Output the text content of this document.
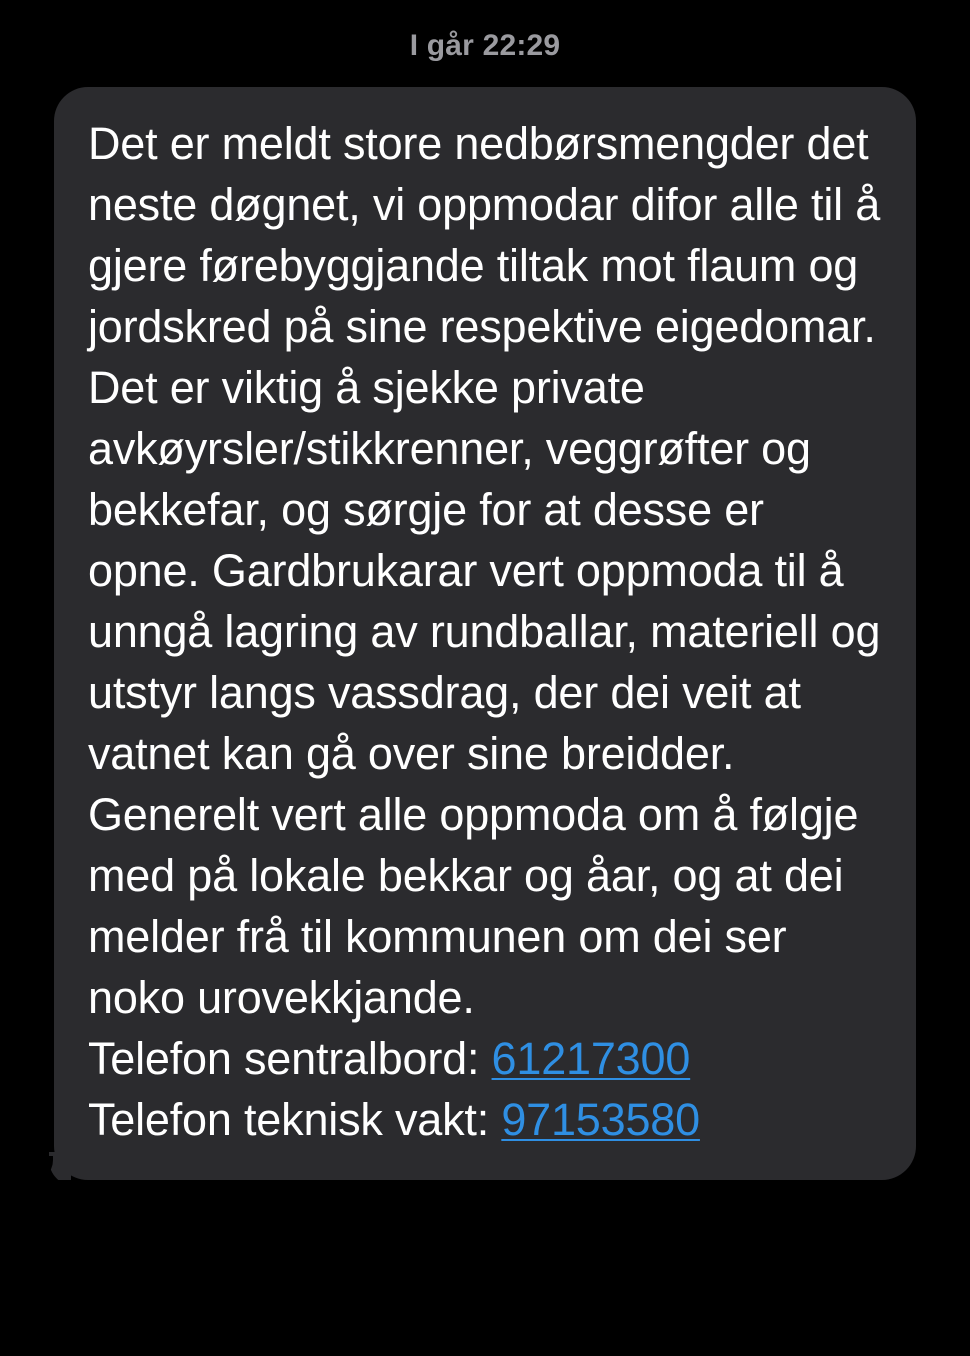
I går 22:29
Det er meldt store nedbørsmengder det neste døgnet, vi oppmodar difor alle til å gjere førebyggjande tiltak mot flaum og jordskred på sine respektive eigedomar. Det er viktig å sjekke private avkøyrsler/stikkrenner, veggrøfter og bekkefar, og sørgje for at desse er opne. Gardbrukarar vert oppmoda til å unngå lagring av rundballar, materiell og utstyr langs vassdrag, der dei veit at vatnet kan gå over sine breidder. Generelt vert alle oppmoda om å følgje med på lokale bekkar og åar, og at dei melder frå til kommunen om dei ser noko urovekkjande.
Telefon sentralbord: 61217300
Telefon teknisk vakt: 97153580
